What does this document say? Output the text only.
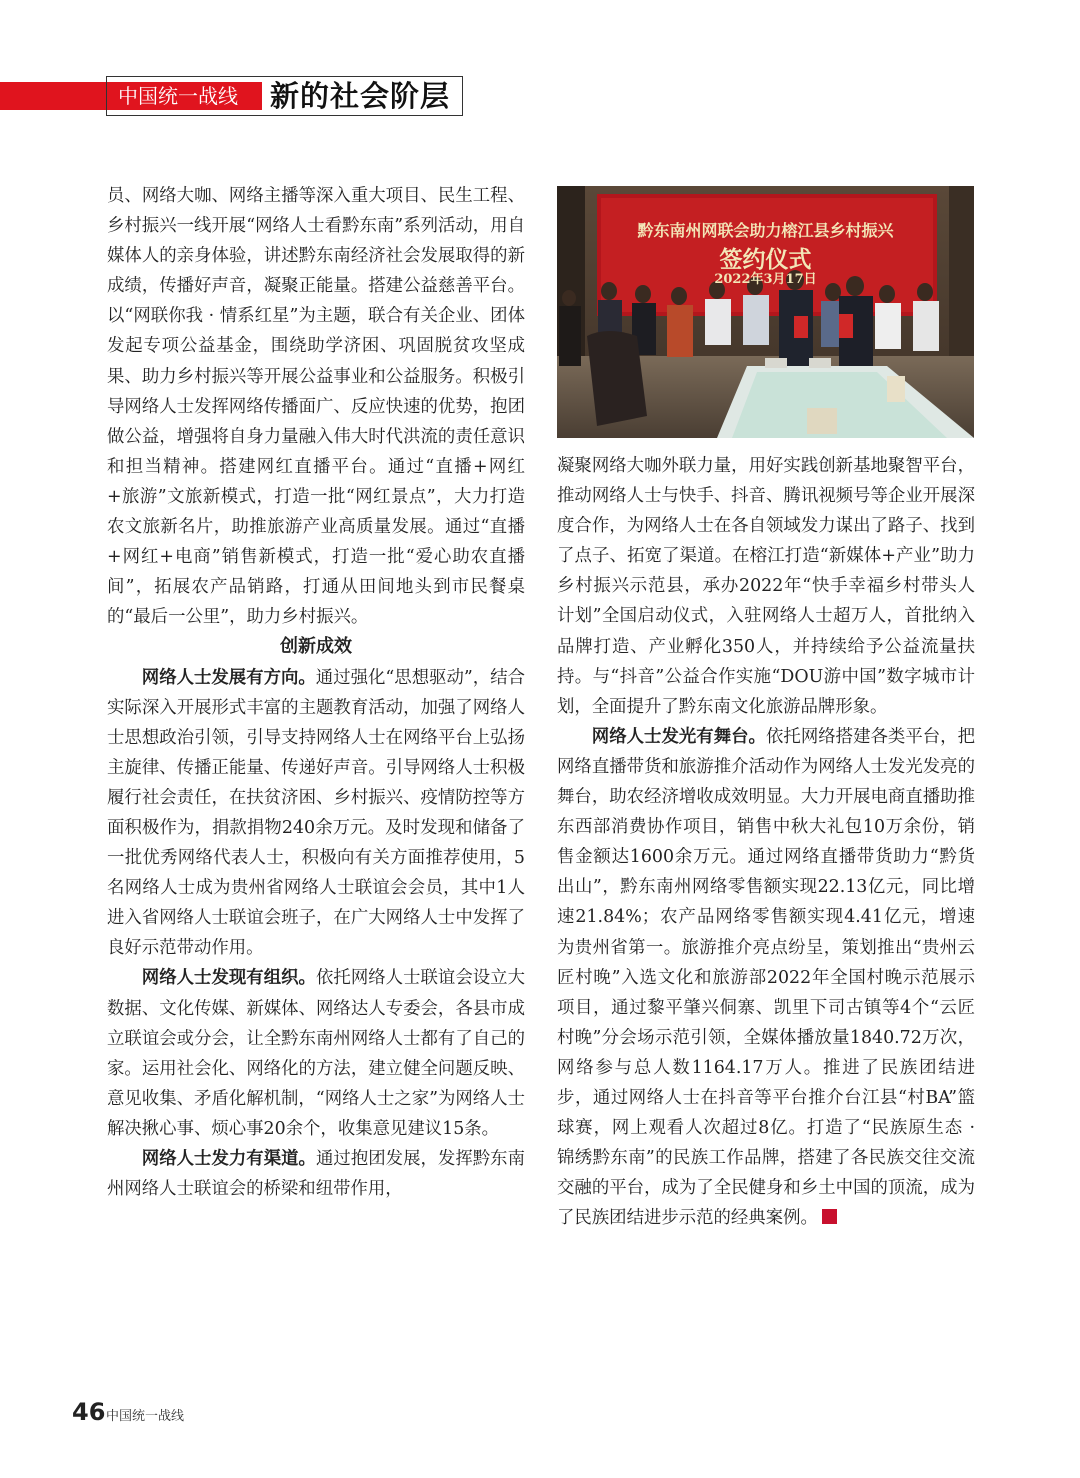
中国统一战线 新的社会阶层
黔东南州网联会助力榕江县乡村振兴
签约仪式
2022年3月17日

员、网络大咖、网络主播等深入重大项目、民生工程、乡村振兴一线开展“网络人士看黔东南”系列活动，用自媒体人的亲身体验，讲述黔东南经济社会发展取得的新成绩，传播好声音，凝聚正能量。搭建公益慈善平台。以“网联你我 · 情系红星”为主题，联合有关企业、团体发起专项公益基金，围绕助学济困、巩固脱贫攻坚成果、助力乡村振兴等开展公益事业和公益服务。积极引导网络人士发挥网络传播面广、反应快速的优势，抱团做公益，增强将自身力量融入伟大时代洪流的责任意识和担当精神。搭建网红直播平台。通过“直播+网红+旅游”文旅新模式，打造一批“网红景点”，大力打造农文旅新名片，助推旅游产业高质量发展。通过“直播+网红+电商”销售新模式，打造一批“爱心助农直播间”，拓展农产品销路，打通从田间地头到市民餐桌的“最后一公里”，助力乡村振兴。

创新成效

网络人士发展有方向。通过强化“思想驱动”，结合实际深入开展形式丰富的主题教育活动，加强了网络人士思想政治引领，引导支持网络人士在网络平台上弘扬主旋律、传播正能量、传递好声音。引导网络人士积极履行社会责任，在扶贫济困、乡村振兴、疫情防控等方面积极作为，捐款捐物240余万元。及时发现和储备了一批优秀网络代表人士，积极向有关方面推荐使用，5名网络人士成为贵州省网络人士联谊会会员，其中1人进入省网络人士联谊会班子，在广大网络人士中发挥了良好示范带动作用。

网络人士发现有组织。依托网络人士联谊会设立大数据、文化传媒、新媒体、网络达人专委会，各县市成立联谊会或分会，让全黔东南州网络人士都有了自己的家。运用社会化、网络化的方法，建立健全问题反映、意见收集、矛盾化解机制，“网络人士之家”为网络人士解决揪心事、烦心事20余个，收集意见建议15条。

网络人士发力有渠道。通过抱团发展，发挥黔东南州网络人士联谊会的桥梁和纽带作用，

凝聚网络大咖外联力量，用好实践创新基地聚智平台，推动网络人士与快手、抖音、腾讯视频号等企业开展深度合作，为网络人士在各自领域发力谋出了路子、找到了点子、拓宽了渠道。在榕江打造“新媒体+产业”助力乡村振兴示范县，承办2022年“快手幸福乡村带头人计划”全国启动仪式，入驻网络人士超万人，首批纳入品牌打造、产业孵化350人，并持续给予公益流量扶持。与“抖音”公益合作实施“DOU游中国”数字城市计划，全面提升了黔东南文化旅游品牌形象。

网络人士发光有舞台。依托网络搭建各类平台，把网络直播带货和旅游推介活动作为网络人士发光发亮的舞台，助农经济增收成效明显。大力开展电商直播助推东西部消费协作项目，销售中秋大礼包10万余份，销售金额达1600余万元。通过网络直播带货助力“黔货出山”，黔东南州网络零售额实现22.13亿元，同比增速21.84%；农产品网络零售额实现4.41亿元，增速为贵州省第一。旅游推介亮点纷呈，策划推出“贵州云匠村晚”入选文化和旅游部2022年全国村晚示范展示项目，通过黎平肇兴侗寨、凯里下司古镇等4个“云匠村晚”分会场示范引领，全媒体播放量1840.72万次，网络参与总人数1164.17万人。推进了民族团结进步，通过网络人士在抖音等平台推介台江县“村BA”篮球赛，网上观看人次超过8亿。打造了“民族原生态 · 锦绣黔东南”的民族工作品牌，搭建了各民族交往交流交融的平台，成为了全民健身和乡土中国的顶流，成为了民族团结进步示范的经典案例。

46 中国统一战线
